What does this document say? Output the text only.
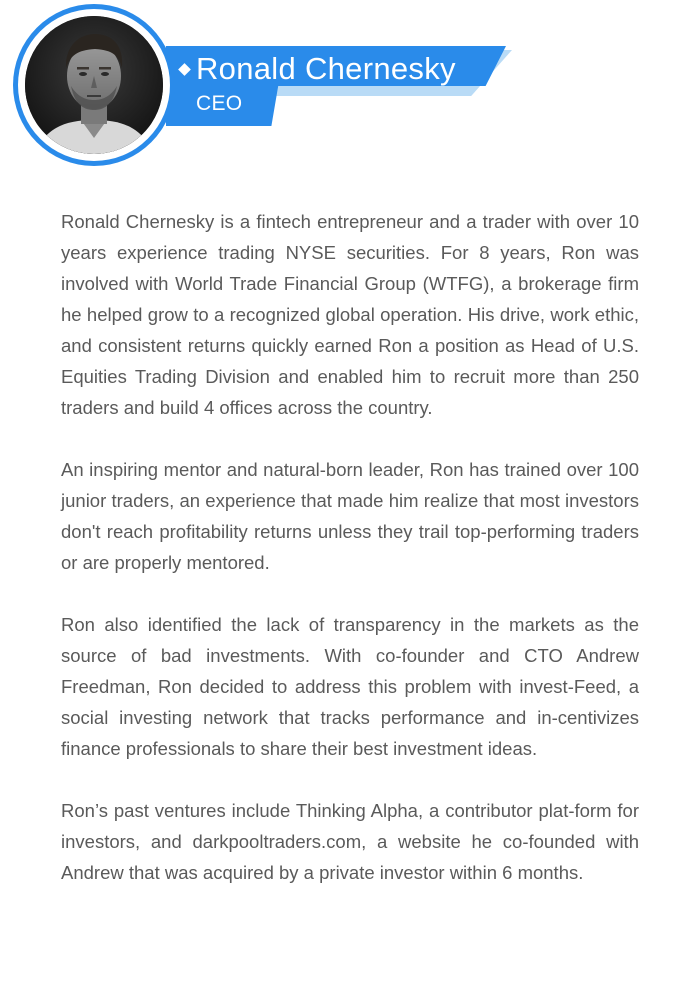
Ronald Chernesky
CEO

Ronald Chernesky is a fintech entrepreneur and a trader with over 10 years experience trading NYSE securities. For 8 years, Ron was involved with World Trade Financial Group (WTFG), a brokerage firm he helped grow to a recognized global operation. His drive, work ethic, and consistent returns quickly earned Ron a position as Head of U.S. Equities Trading Division and enabled him to recruit more than 250 traders and build 4 offices across the country.

An inspiring mentor and natural-born leader, Ron has trained over 100 junior traders, an experience that made him realize that most investors don't reach profitability returns unless they trail top-performing traders or are properly mentored.

Ron also identified the lack of transparency in the markets as the source of bad investments. With co-founder and CTO Andrew Freedman, Ron decided to address this problem with invest-Feed, a social investing network that tracks performance and in-centivizes finance professionals to share their best investment ideas.

Ron’s past ventures include Thinking Alpha, a contributor plat-form for investors, and darkpooltraders.com, a website he co-founded with Andrew that was acquired by a private investor within 6 months.
